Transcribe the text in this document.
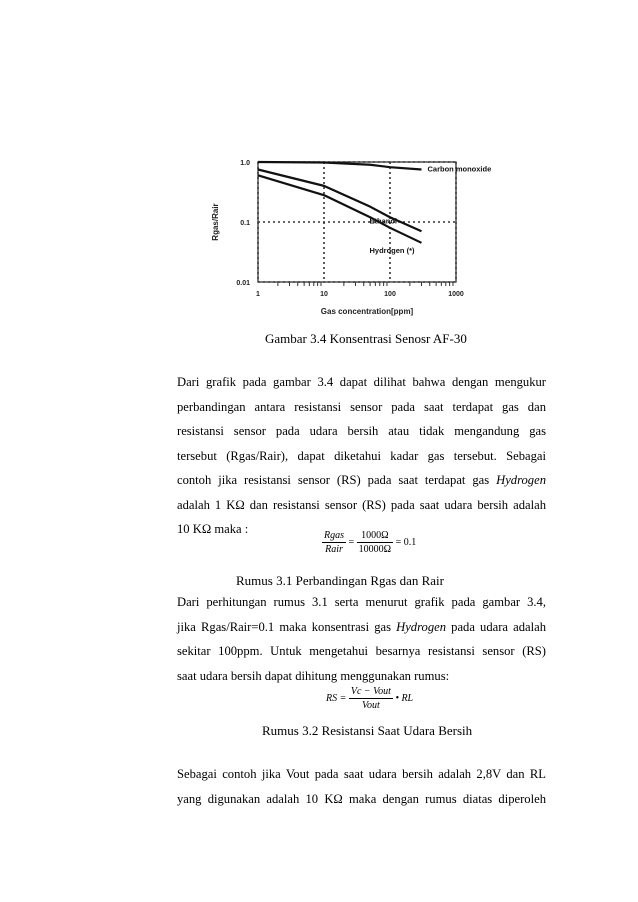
1.0
0.1
0.01
1	10	100	1000
Gas concentration[ppm]
Rgas/Rair
Carbon monoxide
Ethanol
Hydrogen (*)
Gambar 3.4 Konsentrasi Senosr AF-30
Dari grafik pada gambar 3.4 dapat dilihat bahwa dengan mengukur
perbandingan antara resistansi sensor pada saat terdapat gas dan
resistansi sensor pada udara bersih atau tidak mengandung gas
tersebut (Rgas/Rair), dapat diketahui kadar gas tersebut. Sebagai
contoh jika resistansi sensor (RS) pada saat terdapat gas Hydrogen
adalah 1 KΩ dan resistansi sensor (RS) pada saat udara bersih adalah
10 KΩ maka :
$\frac{\text{Rgas}}{\text{Rair}} = \frac{1000\Omega}{10000\Omega} = 0.1$
Rumus 3.1 Perbandingan Rgas dan Rair
Dari perhitungan rumus 3.1 serta menurut grafik pada gambar 3.4,
jika Rgas/Rair=0.1 maka konsentrasi gas Hydrogen pada udara adalah
sekitar 100ppm. Untuk mengetahui besarnya resistansi sensor (RS)
saat udara bersih dapat dihitung menggunakan rumus:
RS = $\frac{\text{Vc − Vout}}{\text{Vout}}$ • RL
Rumus 3.2 Resistansi Saat Udara Bersih
Sebagai contoh jika Vout pada saat udara bersih adalah 2,8V dan RL
yang digunakan adalah 10 KΩ maka dengan rumus diatas diperoleh
